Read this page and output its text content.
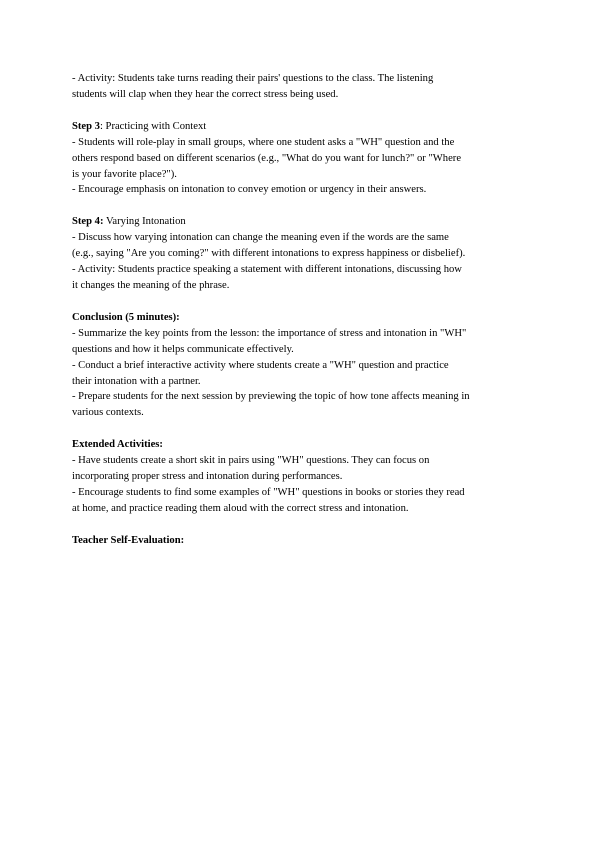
- Activity: Students take turns reading their pairs' questions to the class. The listening
students will clap when they hear the correct stress being used.
Step 3: Practicing with Context
- Students will role-play in small groups, where one student asks a "WH" question and the
others respond based on different scenarios (e.g., "What do you want for lunch?" or "Where
is your favorite place?").
- Encourage emphasis on intonation to convey emotion or urgency in their answers.
Step 4: Varying Intonation
- Discuss how varying intonation can change the meaning even if the words are the same
(e.g., saying "Are you coming?" with different intonations to express happiness or disbelief).
- Activity: Students practice speaking a statement with different intonations, discussing how
it changes the meaning of the phrase.
Conclusion (5 minutes):
- Summarize the key points from the lesson: the importance of stress and intonation in "WH"
questions and how it helps communicate effectively.
- Conduct a brief interactive activity where students create a "WH" question and practice
their intonation with a partner.
- Prepare students for the next session by previewing the topic of how tone affects meaning in
various contexts.
Extended Activities:
- Have students create a short skit in pairs using "WH" questions. They can focus on
incorporating proper stress and intonation during performances.
- Encourage students to find some examples of "WH" questions in books or stories they read
at home, and practice reading them aloud with the correct stress and intonation.
Teacher Self-Evaluation:
